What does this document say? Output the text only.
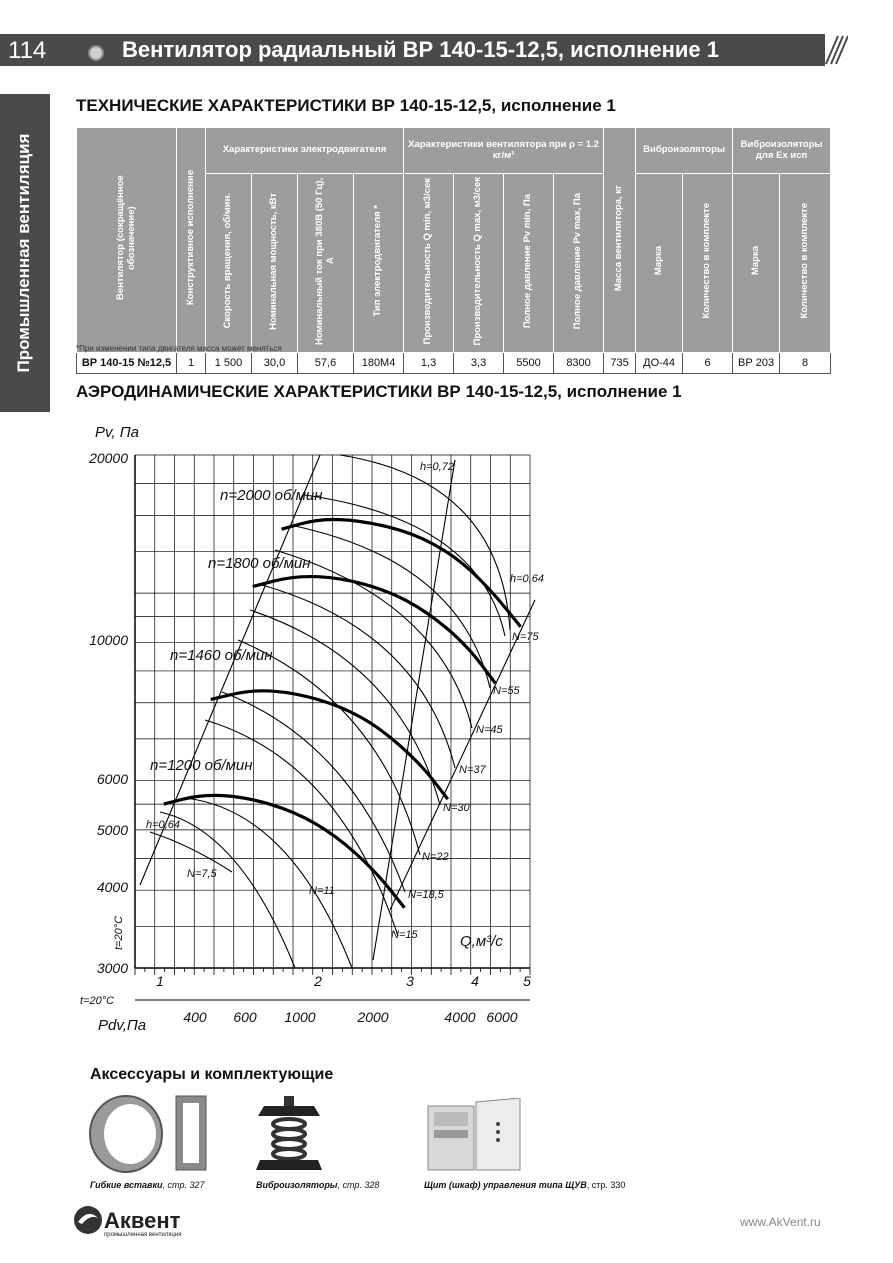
114	Вентилятор радиальный ВР 140-15-12,5, исполнение 1
Промышленная вентиляция
ТЕХНИЧЕСКИЕ ХАРАКТЕРИСТИКИ ВР 140-15-12,5, исполнение 1
Вентилятор (сокращённое обозначение)	Конструктивное исполнение	Характеристики электродвигателя				Характеристики вентилятора при ρ = 1.2 кг/м³				Масса вентилятора, кг	Виброизоляторы		Виброизоляторы для Ex исп	
		Скорость вращения, об/мин.	Номинальная мощность, кВт	Номинальный ток при 380В (50 Гц), А	Тип электродвигателя *	Производительность Q min, м3/сек	Производительность Q max, м3/сек	Полное давление Pv min, Па	Полное давление Pv max, Па		Марка	Количество в комплекте	Марка	Количество в комплекте
ВР 140-15 №12,5	1	1 500	30,0	57,6	180М4	1,3	3,3	5500	8300	735	ДО-44	6	ВР 203	8
*При изменении типа двигателя масса может меняться
АЭРОДИНАМИЧЕСКИЕ ХАРАКТЕРИСТИКИ ВР 140-15-12,5, исполнение 1
Pv, Па
Q,м³/с
Pdv,Па
t=20°C
t=20°C
20000
10000
6000
5000
4000
3000
1	2	3	4	5
400 600 1000	2000	4000 6000
n=2000 об/мин
n=1800 об/мин
n=1460 об/мин
n=1200 об/мин
h=0,72
h=0,64
h=0,64
N=75
N=55
N=45
N=37
N=30
N=22
N=18,5
N=15
N=11
N=7,5
Аксессуары и комплектующие
Гибкие вставки, стр. 327	Виброизоляторы, стр. 328	Щит (шкаф) управления типа ЩУВ, стр. 330
Аквент
промышленная вентиляция
www.AkVent.ru
